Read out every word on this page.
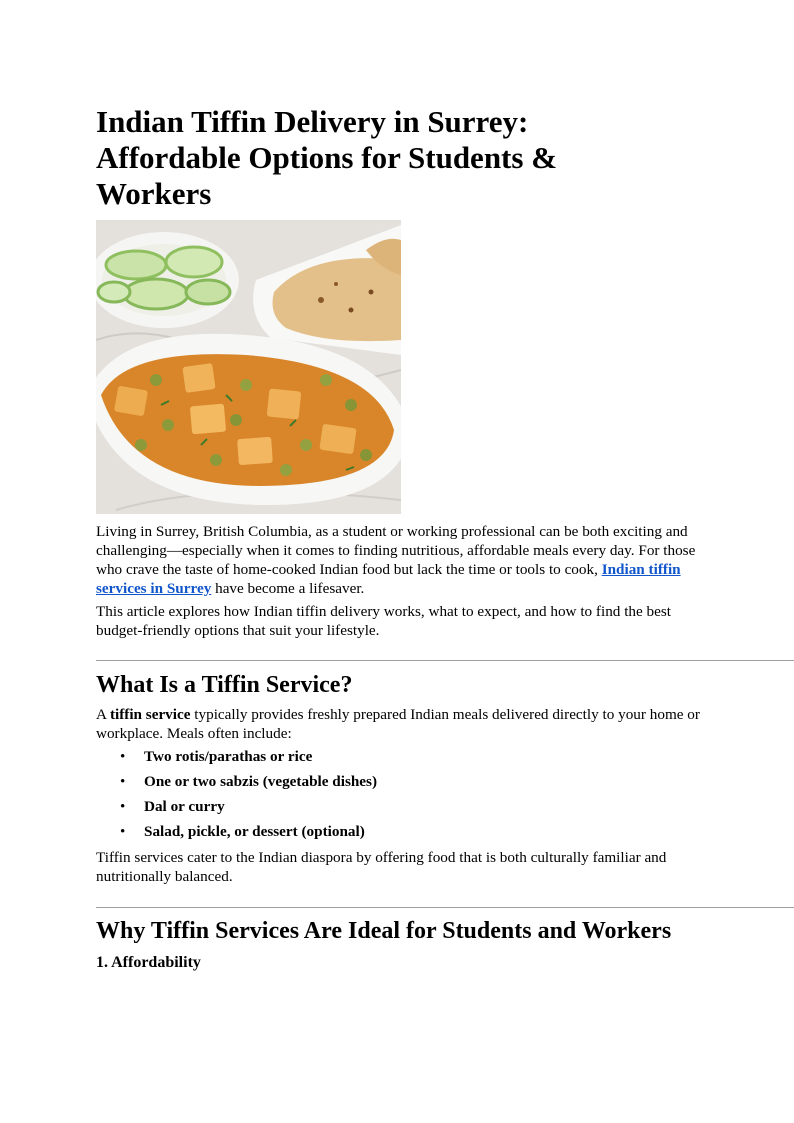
Indian Tiffin Delivery in Surrey: Affordable Options for Students & Workers

Living in Surrey, British Columbia, as a student or working professional can be both exciting and challenging—especially when it comes to finding nutritious, affordable meals every day. For those who crave the taste of home-cooked Indian food but lack the time or tools to cook, Indian tiffin services in Surrey have become a lifesaver.

This article explores how Indian tiffin delivery works, what to expect, and how to find the best budget-friendly options that suit your lifestyle.

What Is a Tiffin Service?

A tiffin service typically provides freshly prepared Indian meals delivered directly to your home or workplace. Meals often include:

• Two rotis/parathas or rice
• One or two sabzis (vegetable dishes)
• Dal or curry
• Salad, pickle, or dessert (optional)

Tiffin services cater to the Indian diaspora by offering food that is both culturally familiar and nutritionally balanced.

Why Tiffin Services Are Ideal for Students and Workers
1. Affordability
